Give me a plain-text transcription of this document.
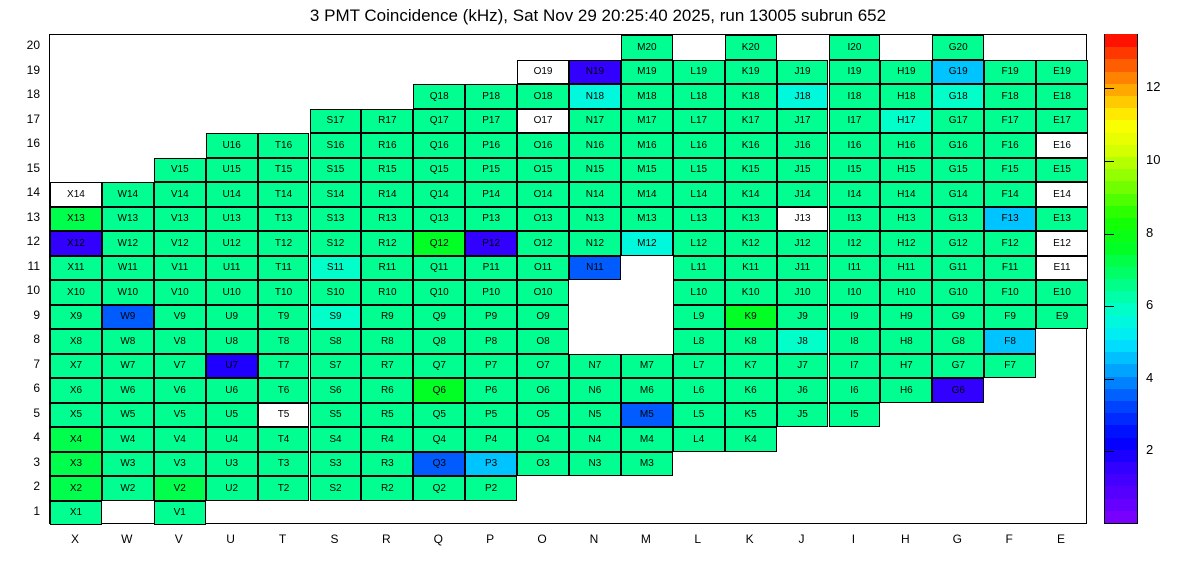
3 PMT Coincidence (kHz), Sat Nov 29 20:25:40 2025, run 13005 subrun 652
M20	K20	I20	G20
O19	N19	M19	L19	K19	J19	I19	H19	G19	F19	E19
Q18	P18	O18	N18	M18	L18	K18	J18	I18	H18	G18	F18	E18
S17	R17	Q17	P17	O17	N17	M17	L17	K17	J17	I17	H17	G17	F17	E17
U16	T16	S16	R16	Q16	P16	O16	N16	M16	L16	K16	J16	I16	H16	G16	F16	E16
V15	U15	T15	S15	R15	Q15	P15	O15	N15	M15	L15	K15	J15	I15	H15	G15	F15	E15
X14	W14	V14	U14	T14	S14	R14	Q14	P14	O14	N14	M14	L14	K14	J14	I14	H14	G14	F14	E14
X13	W13	V13	U13	T13	S13	R13	Q13	P13	O13	N13	M13	L13	K13	J13	I13	H13	G13	F13	E13
X12	W12	V12	U12	T12	S12	R12	Q12	P12	O12	N12	M12	L12	K12	J12	I12	H12	G12	F12	E12
X11	W11	V11	U11	T11	S11	R11	Q11	P11	O11	N11	L11	K11	J11	I11	H11	G11	F11	E11
X10	W10	V10	U10	T10	S10	R10	Q10	P10	O10	L10	K10	J10	I10	H10	G10	F10	E10
X9	W9	V9	U9	T9	S9	R9	Q9	P9	O9	L9	K9	J9	I9	H9	G9	F9	E9
X8	W8	V8	U8	T8	S8	R8	Q8	P8	O8	L8	K8	J8	I8	H8	G8	F8
X7	W7	V7	U7	T7	S7	R7	Q7	P7	O7	N7	M7	L7	K7	J7	I7	H7	G7	F7
X6	W6	V6	U6	T6	S6	R6	Q6	P6	O6	N6	M6	L6	K6	J6	I6	H6	G6
X5	W5	V5	U5	T5	S5	R5	Q5	P5	O5	N5	M5	L5	K5	J5	I5
X4	W4	V4	U4	T4	S4	R4	Q4	P4	O4	N4	M4	L4	K4
X3	W3	V3	U3	T3	S3	R3	Q3	P3	O3	N3	M3
X2	W2	V2	U2	T2	S2	R2	Q2	P2
X1	V1
20
19
18
17
16
15
14
13
12
11
10
9
8
7
6
5
4
3
2
1
X	W	V	U	T	S	R	Q	P	O	N	M	L	K	J	I	H	G	F	E
2
4
6
8
10
12
